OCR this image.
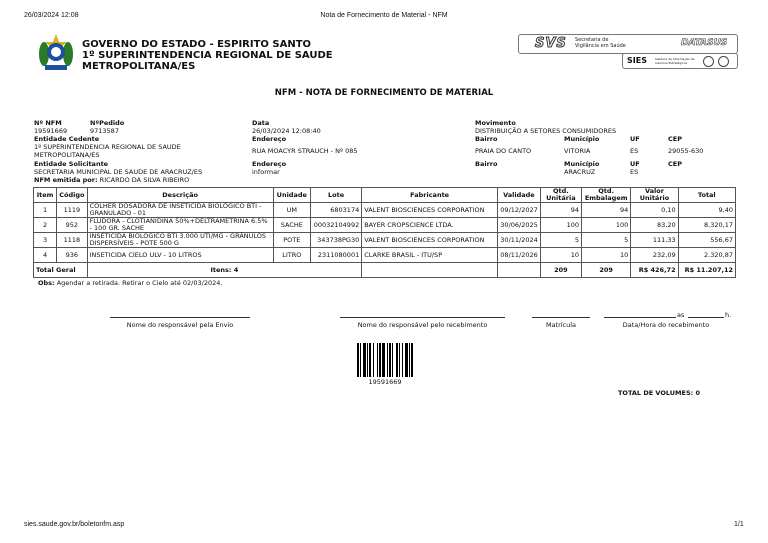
26/03/2024 12:08	Nota de Fornecimento de Material - NFM
GOVERNO DO ESTADO - ESPIRITO SANTO
1º SUPERINTENDENCIA REGIONAL DE SAUDE
METROPOLITANA/ES
SVS Secretaria de
Vigilância em Saúde	DATASUS
SIES	Sistema de Informação de Insumos Estratégicos
NFM - NOTA DE FORNECIMENTO DE MATERIAL
Nº NFM	NºPedido
19591669	9713587
Data
26/03/2024 12:08:40
Movimento
DISTRIBUIÇÃO A SETORES CONSUMIDORES
Entidade Cedente
1º SUPERINTENDENCIA REGIONAL DE SAUDE METROPOLITANA/ES
Endereço
RUA MOACYR STRAUCH - Nº 085
Bairro
PRAIA DO CANTO
Município
VITORIA
UF
ES
CEP
29055-630
Entidade Solicitante
SECRETARIA MUNICIPAL DE SAUDE DE ARACRUZ/ES
Endereço
informar
Bairro	Município
ARACRUZ
UF
ES
CEP
NFM emitida por: RICARDO DA SILVA RIBEIRO
Item	Código	Descrição	Unidade	Lote	Fabricante	Validade	Qtd. Unitária	Qtd. Embalagem	Valor Unitário	Total
1	1119	COLHER DOSADORA DE INSETICIDA BIOLÓGICO BTI - GRANULADO - 01	UM	6803174	VALENT BIOSCIENCES CORPORATION	09/12/2027	94	94	0,10	9,40
2	952	FLUDORA - CLOTIANIDINA 50%+DELTRAMETRINA 6.5% - 100 GR. SACHE	SACHE	00032104992	BAYER CROPSCIENCE LTDA.	30/06/2025	100	100	83,20	8.320,17
3	1118	INSETICIDA BIOLÓGICO BTI 3.000 UTI/MG - GRÂNULOS DISPERSÍVEIS - POTE 500 G	POTE	343738PG30	VALENT BIOSCIENCES CORPORATION	30/11/2024	5	5	111,33	556,67
4	936	INSETICIDA CIELO ULV - 10 LITROS	LITRO	2311080001	CLARKE BRASIL - ITU/SP	08/11/2026	10	10	232,09	2.320,87
Total Geral		Itens: 4					209	209	R$ 426,72	R$ 11.207,12
Obs: Agendar a retirada. Retirar o Cielo até 02/03/2024.
Nome do responsável pela Envio	Nome do responsável pelo recebimento	Matrícula
as	h.
Data/Hora do recebimento
19591669
TOTAL DE VOLUMES: 0
sies.saude.gov.br/boletonfm.asp	1/1
